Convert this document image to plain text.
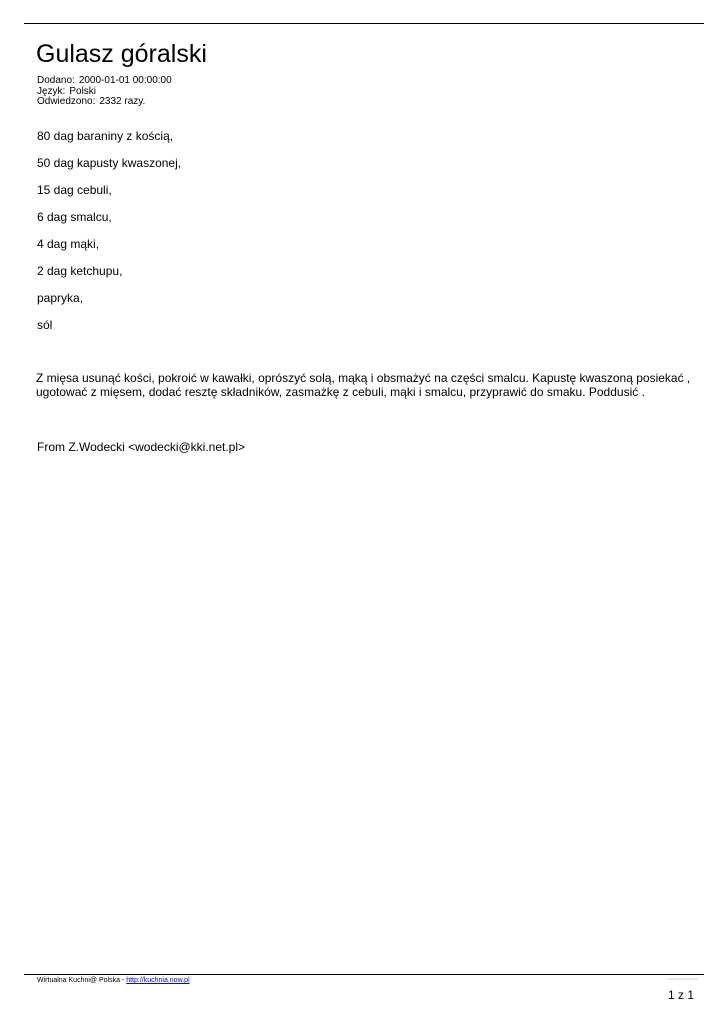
Gulasz góralski
Dodano: 2000-01-01 00:00:00
Język: Polski
Odwiedzono: 2332 razy.
80 dag baraniny z kością,
50 dag kapusty kwaszonej,
15 dag cebuli,
6 dag smalcu,
4 dag mąki,
2 dag ketchupu,
papryka,
sól
Z mięsa usunąć kości, pokroić w kawałki, oprószyć solą, mąką i obsmażyć na części smalcu. Kapustę kwaszoną posiekać ,
ugotować z mięsem, dodać resztę składników, zasmażkę z cebuli, mąki i smalcu, przyprawić do smaku. Poddusić .
From Z.Wodecki <wodecki@kki.net.pl>
Wirtualna Kuchni@ Polska - http://kuchnia.now.pl
1 z 1
